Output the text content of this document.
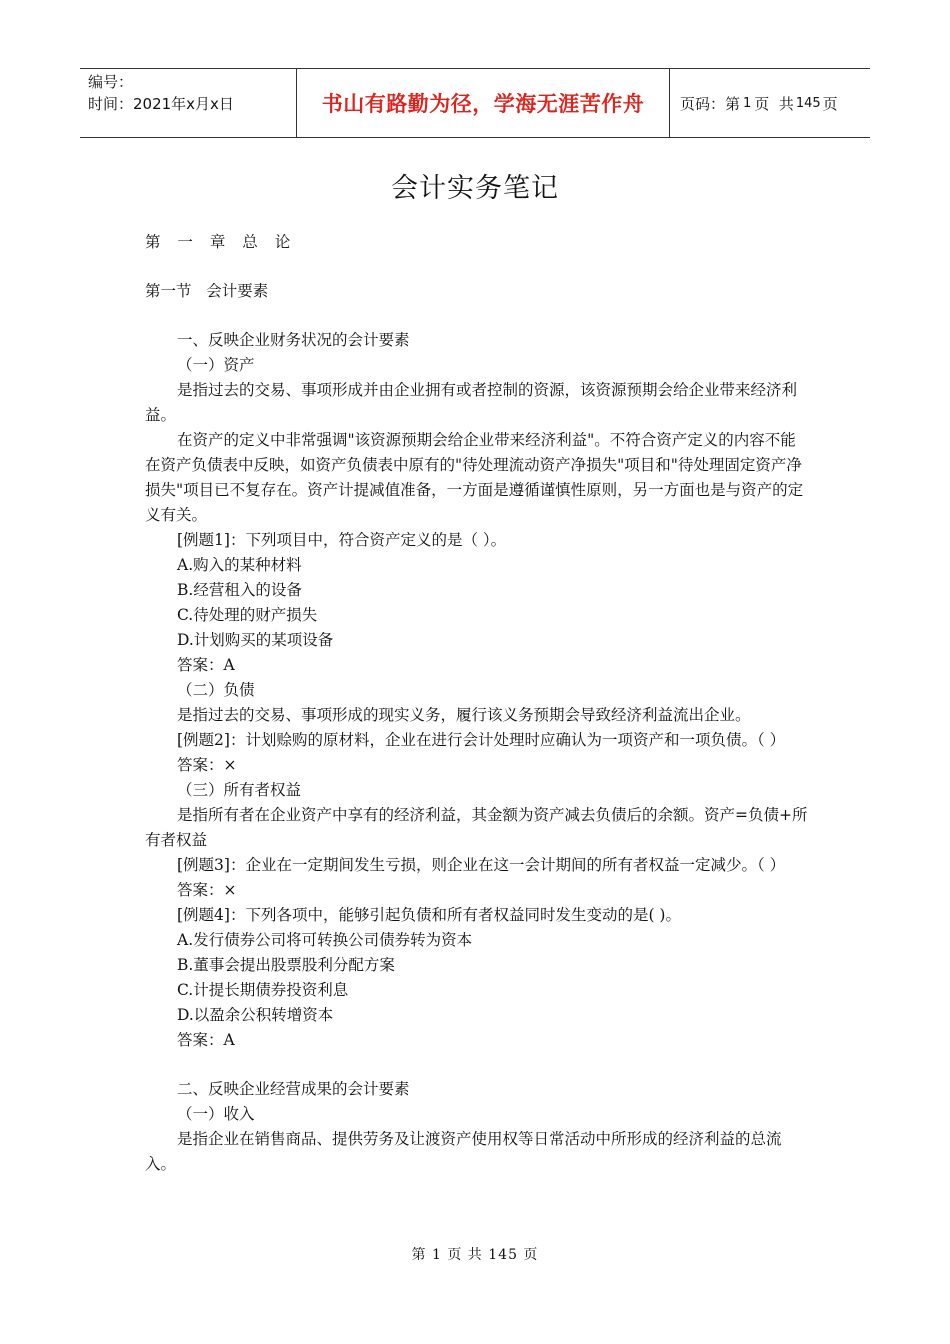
编号：
时间：2021年x月x日	书山有路勤为径，学海无涯苦作舟	页码：第 1 页  共 145 页
会计实务笔记

第 一 章 总 论

第一节   会计要素

一、反映企业财务状况的会计要素

（一）资产

是指过去的交易、事项形成并由企业拥有或者控制的资源，该资源预期会给企业带来经济利益。

在资产的定义中非常强调"该资源预期会给企业带来经济利益"。不符合资产定义的内容不能在资产负债表中反映，如资产负债表中原有的"待处理流动资产净损失"项目和"待处理固定资产净损失"项目已不复存在。资产计提减值准备，一方面是遵循谨慎性原则，另一方面也是与资产的定义有关。

[例题1]：下列项目中，符合资产定义的是（ ）。

A.购入的某种材料

B.经营租入的设备

C.待处理的财产损失

D.计划购买的某项设备

答案：A

（二）负债

是指过去的交易、事项形成的现实义务，履行该义务预期会导致经济利益流出企业。

[例题2]：计划赊购的原材料，企业在进行会计处理时应确认为一项资产和一项负债。（ ）

答案：×

（三）所有者权益

是指所有者在企业资产中享有的经济利益，其金额为资产减去负债后的余额。资产=负债+所有者权益

[例题3]：企业在一定期间发生亏损，则企业在这一会计期间的所有者权益一定减少。（ ）

答案：×

[例题4]：下列各项中，能够引起负债和所有者权益同时发生变动的是( )。

A.发行债券公司将可转换公司债券转为资本

B.董事会提出股票股利分配方案

C.计提长期债券投资利息

D.以盈余公积转增资本

答案：A

二、反映企业经营成果的会计要素

（一）收入

是指企业在销售商品、提供劳务及让渡资产使用权等日常活动中所形成的经济利益的总流入。

第 1 页 共 145 页
